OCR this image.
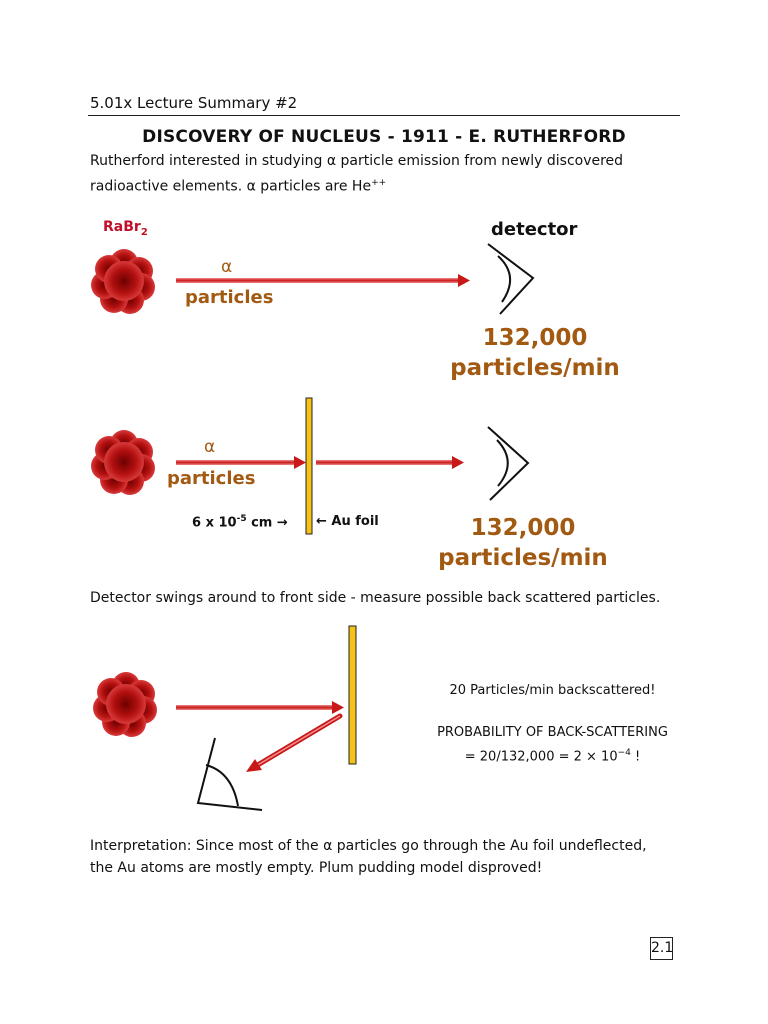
5.01x Lecture Summary #2
DISCOVERY OF NUCLEUS - 1911 - E. RUTHERFORD
Rutherford interested in studying α particle emission from newly discovered
radioactive elements. α particles are He++
RaBr$_2$	detector
α
particles
132,000
particles/min
α
particles
6 x $10^{-5}$ cm → ← Au foil	132,000
particles/min
Detector swings around to front side - measure possible back scattered particles.
20 Particles/min backscattered!
PROBABILITY OF BACK-SCATTERING
= $20/132,000 = 2 \times 10^{-4}$ !
Interpretation: Since most of the α particles go through the Au foil undeflected,
the Au atoms are mostly empty. Plum pudding model disproved!
2.1
